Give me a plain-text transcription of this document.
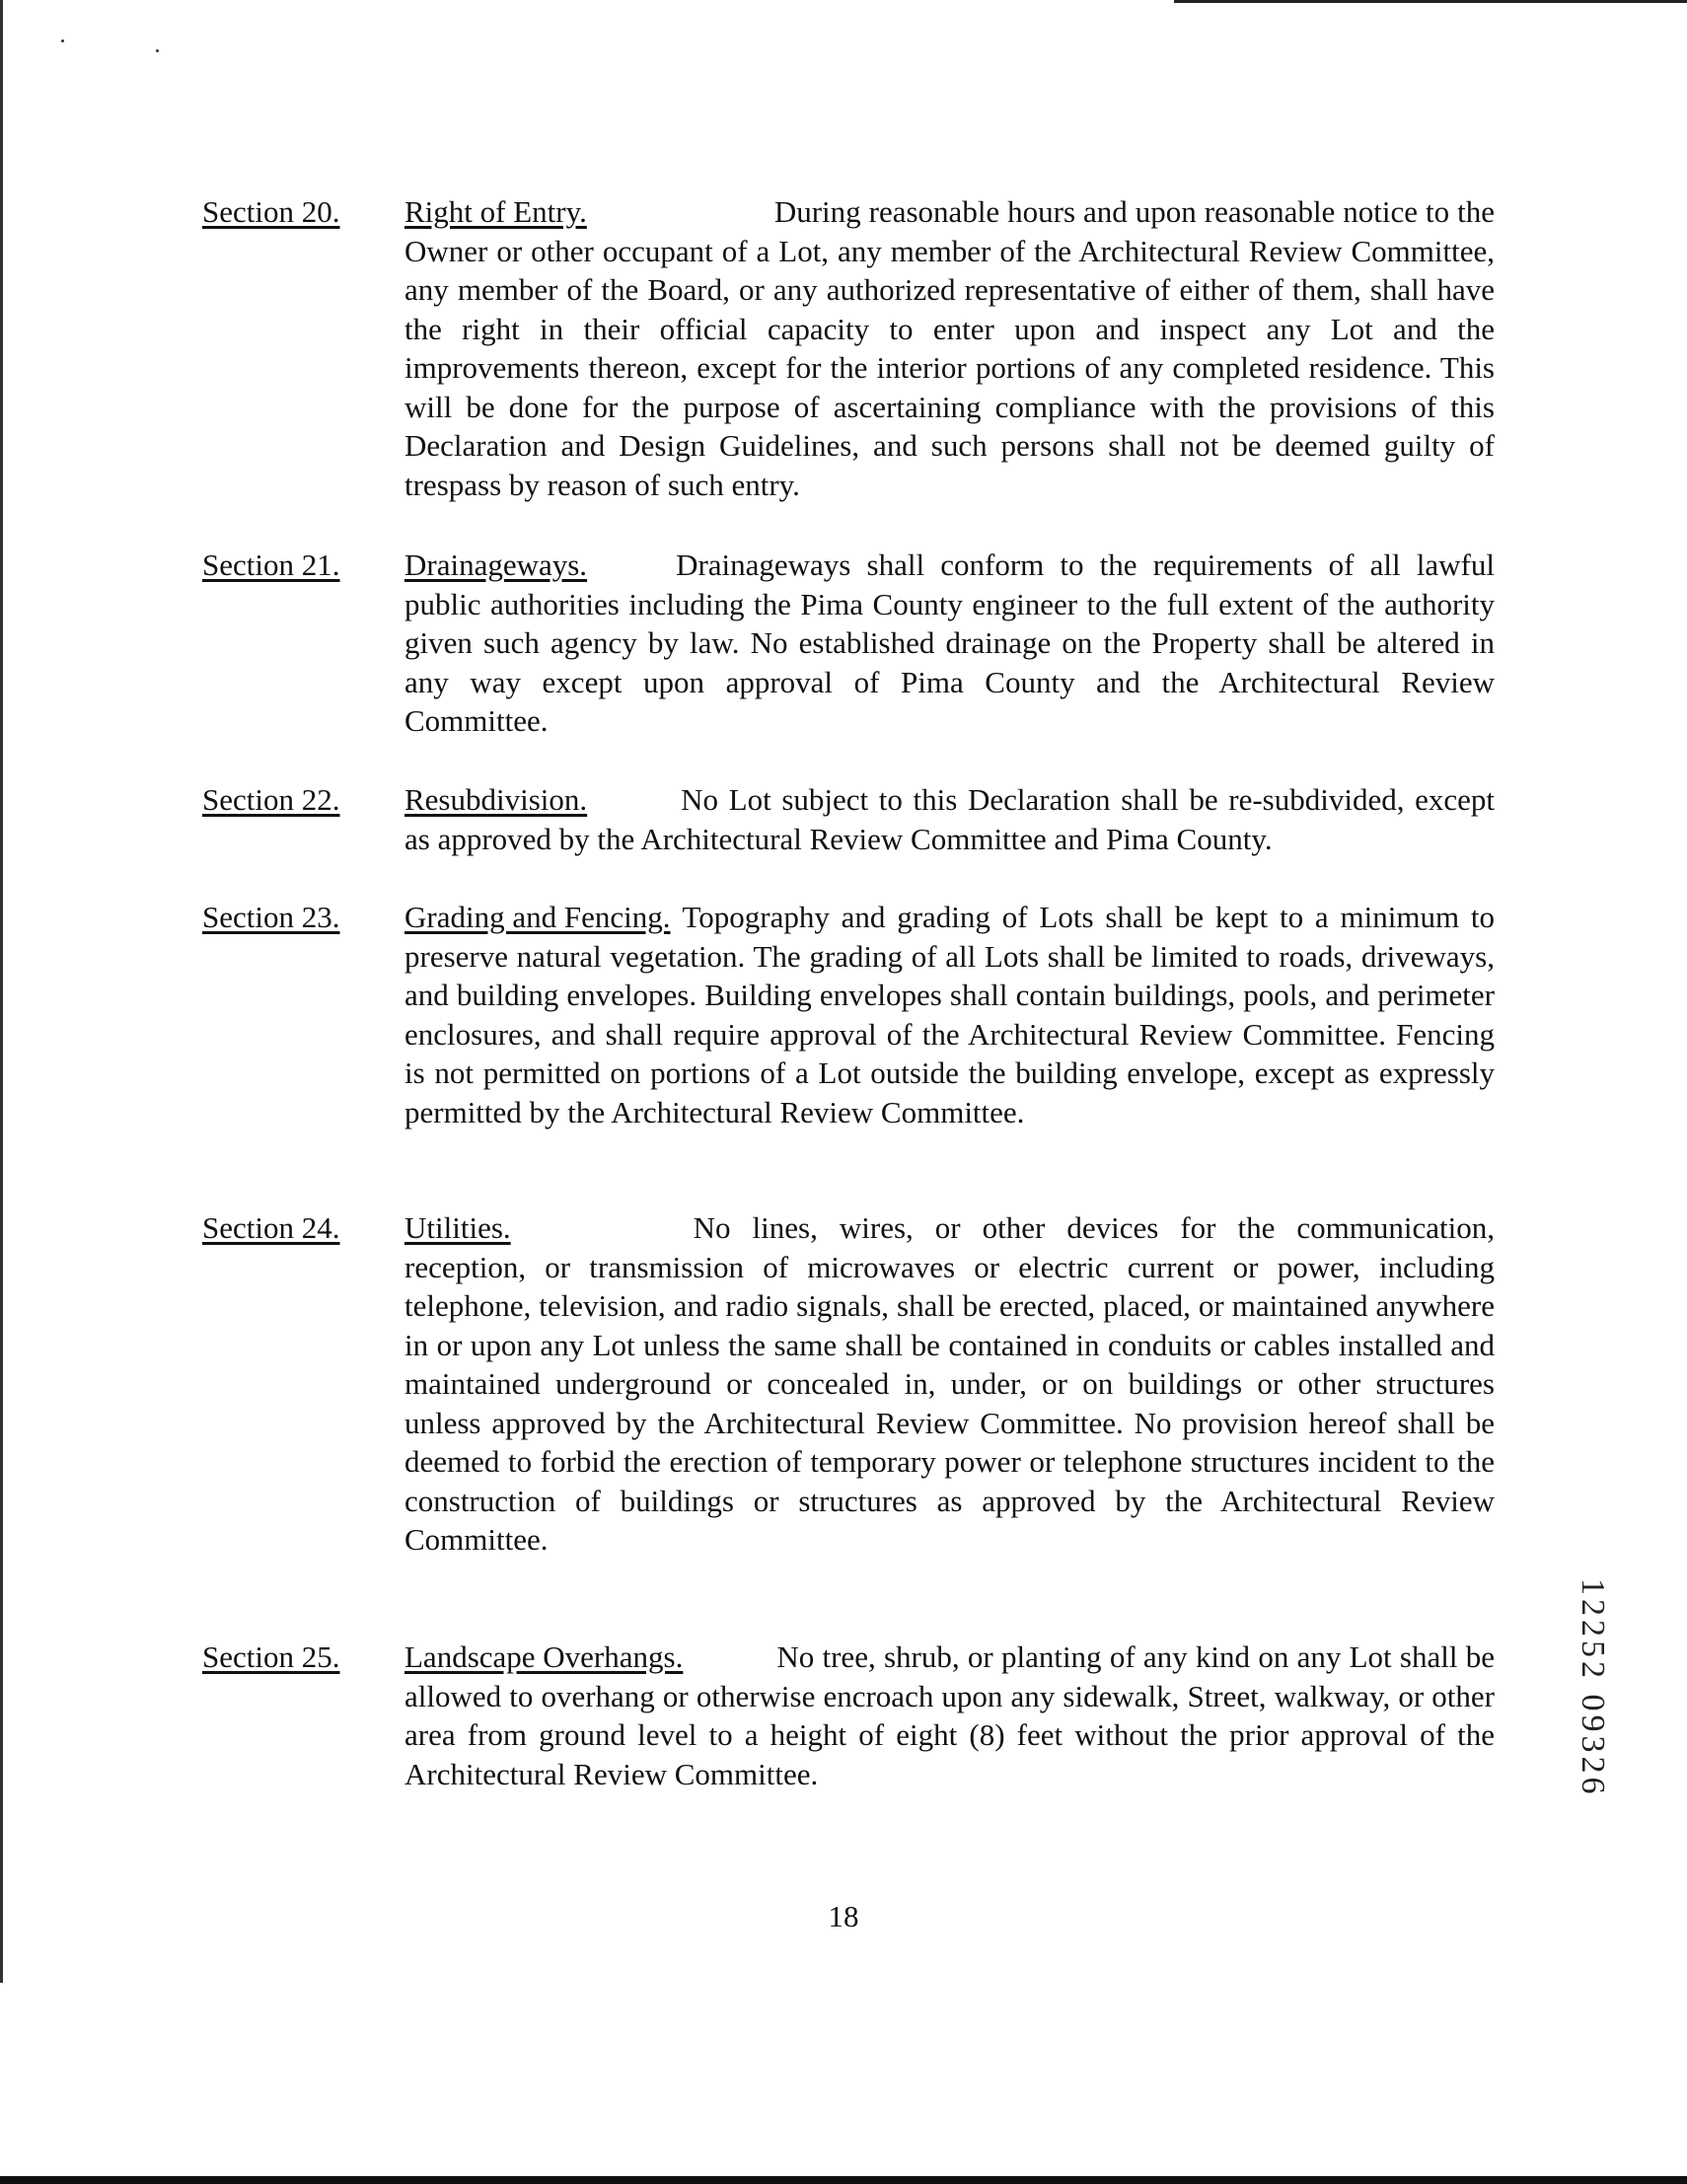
Section 20. Right of Entry.	During reasonable hours and upon reasonable notice to the Owner or other occupant of a Lot, any member of the Architectural Review Committee, any member of the Board, or any authorized representative of either of them, shall have the right in their official capacity to enter upon and inspect any Lot and the improvements thereon, except for the interior portions of any completed residence. This will be done for the purpose of ascertaining compliance with the provisions of this Declaration and Design Guidelines, and such persons shall not be deemed guilty of trespass by reason of such entry.
Section 21. Drainageways.	Drainageways shall conform to the requirements of all lawful public authorities including the Pima County engineer to the full extent of the authority given such agency by law. No established drainage on the Property shall be altered in any way except upon approval of Pima County and the Architectural Review Committee.
Section 22. Resubdivision.	No Lot subject to this Declaration shall be re-subdivided, except as approved by the Architectural Review Committee and Pima County.
Section 23. Grading and Fencing. Topography and grading of Lots shall be kept to a minimum to preserve natural vegetation. The grading of all Lots shall be limited to roads, driveways, and building envelopes. Building envelopes shall contain buildings, pools, and perimeter enclosures, and shall require approval of the Architectural Review Committee. Fencing is not permitted on portions of a Lot outside the building envelope, except as expressly permitted by the Architectural Review Committee.
Section 24. Utilities.	No lines, wires, or other devices for the communication, reception, or transmission of microwaves or electric current or power, including telephone, television, and radio signals, shall be erected, placed, or maintained anywhere in or upon any Lot unless the same shall be contained in conduits or cables installed and maintained underground or concealed in, under, or on buildings or other structures unless approved by the Architectural Review Committee. No provision hereof shall be deemed to forbid the erection of temporary power or telephone structures incident to the construction of buildings or structures as approved by the Architectural Review Committee.
Section 25. Landscape Overhangs.	No tree, shrub, or planting of any kind on any Lot shall be allowed to overhang or otherwise encroach upon any sidewalk, Street, walkway, or other area from ground level to a height of eight (8) feet without the prior approval of the Architectural Review Committee.
18
12252 09326
